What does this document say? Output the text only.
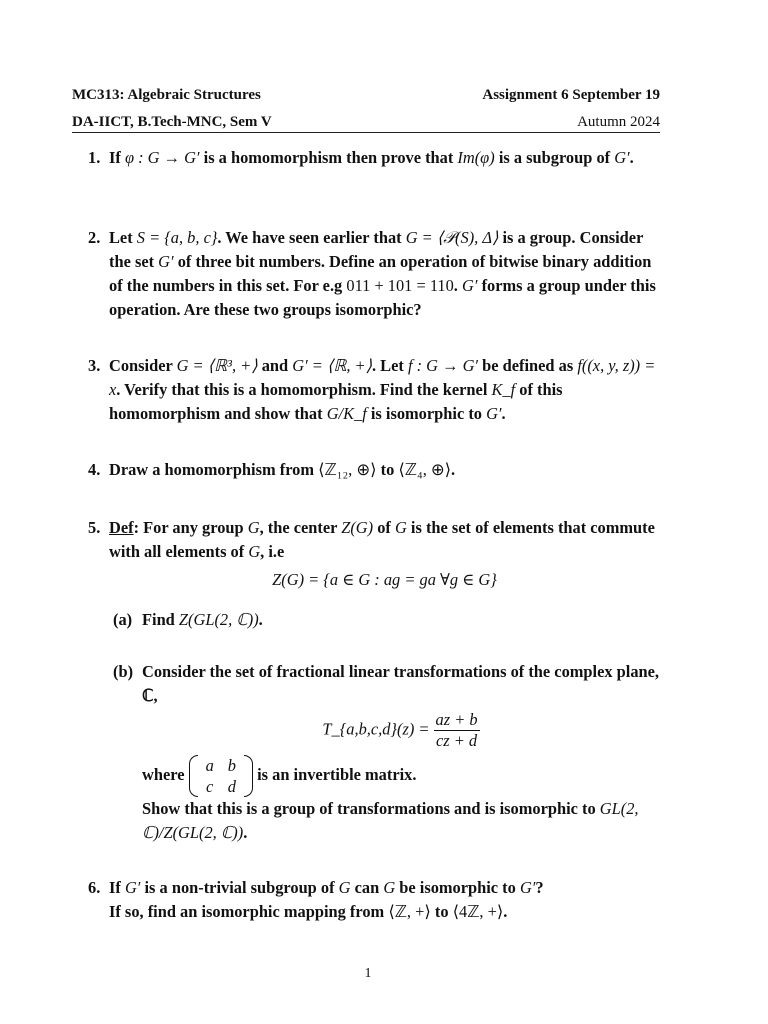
MC313: Algebraic Structures	Assignment 6 September 19
DA-IICT, B.Tech-MNC, Sem V	Autumn 2024
1. If φ : G → G′ is a homomorphism then prove that Im(φ) is a subgroup of G′.
2. Let S = {a, b, c}. We have seen earlier that G = ⟨𝒫(S), Δ⟩ is a group. Consider the set G′ of three bit numbers. Define an operation of bitwise binary addition of the numbers in this set. For e.g 011 + 101 = 110. G′ forms a group under this operation. Are these two groups isomorphic?
3. Consider G = ⟨ℝ³, +⟩ and G′ = ⟨ℝ, +⟩. Let f : G → G′ be defined as f((x, y, z)) = x. Verify that this is a homomorphism. Find the kernel K_f of this homomorphism and show that G/K_f is isomorphic to G′.
4. Draw a homomorphism from ⟨ℤ₁₂, ⊕⟩ to ⟨ℤ₄, ⊕⟩.
5. Def: For any group G, the center Z(G) of G is the set of elements that commute with all elements of G, i.e
Z(G) = {a ∈ G : ag = ga ∀g ∈ G}
(a) Find Z(GL(2, ℂ)).
(b) Consider the set of fractional linear transformations of the complex plane, ℂ,
T_{a,b,c,d}(z) = $\frac{az + b}{cz + d}$
where a	b
c	d
is an invertible matrix.
Show that this is a group of transformations and is isomorphic to GL(2, ℂ)/Z(GL(2, ℂ)).
6. If G′ is a non-trivial subgroup of G can G be isomorphic to G′?
If so, find an isomorphic mapping from ⟨ℤ, +⟩ to ⟨4ℤ, +⟩.
1
